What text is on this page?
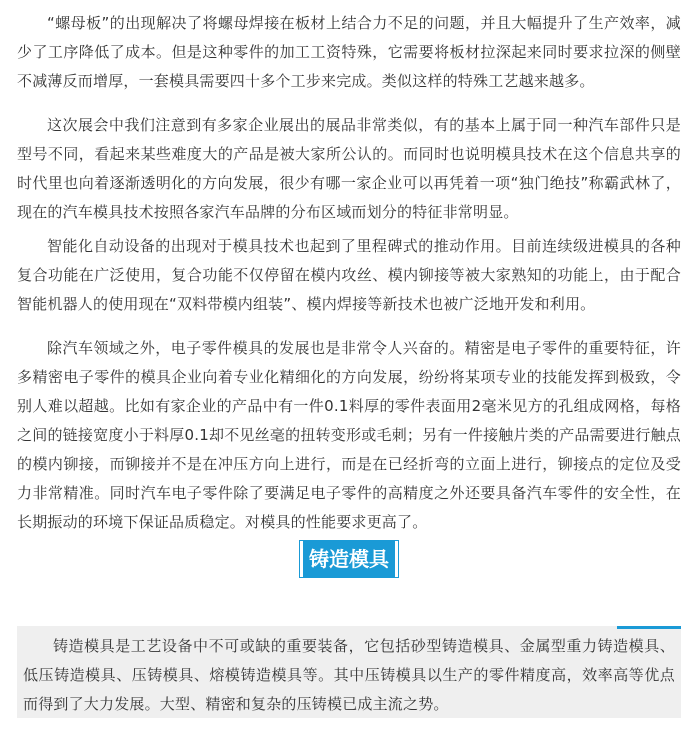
“螺母板”的出现解决了将螺母焊接在板材上结合力不足的问题，并且大幅提升了生产效率，减少了工序降低了成本。但是这种零件的加工工资特殊，它需要将板材拉深起来同时要求拉深的侧壁不减薄反而增厚，一套模具需要四十多个工步来完成。类似这样的特殊工艺越来越多。

这次展会中我们注意到有多家企业展出的展品非常类似，有的基本上属于同一种汽车部件只是型号不同，看起来某些难度大的产品是被大家所公认的。而同时也说明模具技术在这个信息共享的时代里也向着逐渐透明化的方向发展，很少有哪一家企业可以再凭着一项“独门绝技”称霸武林了，现在的汽车模具技术按照各家汽车品牌的分布区域而划分的特征非常明显。

智能化自动设备的出现对于模具技术也起到了里程碑式的推动作用。目前连续级进模具的各种复合功能在广泛使用，复合功能不仅停留在模内攻丝、模内铆接等被大家熟知的功能上，由于配合智能机器人的使用现在“双料带模内组装”、模内焊接等新技术也被广泛地开发和利用。

除汽车领域之外，电子零件模具的发展也是非常令人兴奋的。精密是电子零件的重要特征，许多精密电子零件的模具企业向着专业化精细化的方向发展，纷纷将某项专业的技能发挥到极致，令别人难以超越。比如有家企业的产品中有一件0.1料厚的零件表面用2毫米见方的孔组成网格，每格之间的链接宽度小于料厚0.1却不见丝毫的扭转变形或毛刺；另有一件接触片类的产品需要进行触点的模内铆接，而铆接并不是在冲压方向上进行，而是在已经折弯的立面上进行，铆接点的定位及受力非常精准。同时汽车电子零件除了要满足电子零件的高精度之外还要具备汽车零件的安全性，在长期振动的环境下保证品质稳定。对模具的性能要求更高了。

铸造模具

铸造模具是工艺设备中不可或缺的重要装备，它包括砂型铸造模具、金属型重力铸造模具、低压铸造模具、压铸模具、熔模铸造模具等。其中压铸模具以生产的零件精度高，效率高等优点而得到了大力发展。大型、精密和复杂的压铸模已成主流之势。
